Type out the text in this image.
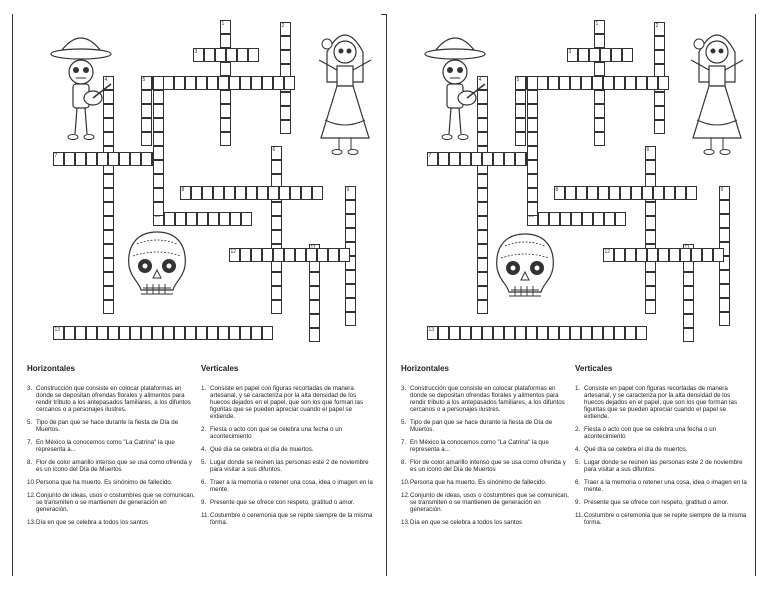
1	2
3
4	5
6
7
8	9
12
13
Horizontales
3. Construcción que consiste en colocar plataformas en donde se depositan ofrendas florales y alimentos para rendir tributo a los antepasados familiares, a los difuntos cercanos o a personajes ilustres.
5. Tipo de pan que se hace durante la fiesta de Día de Muertos.
7. En México la conocemos como "La Catrina" la que representa a...
8. Flor de color amarillo intenso que se usa como ofrenda y es un icono del Día de Muertos
10. Persona que ha muerto. Es sinónimo de fallecido.
12. Conjunto de ideas, usos o costumbres que se comunican, se transmiten o se mantienen de generación en generación.
13. Día en que se celebra a todos los santos
Verticales
1. Consiste en papel con figuras recortadas de manera artesanal, y se caracteriza por la alta densidad de los huecos dejados en el papel, que son los que forman las figuritas que se pueden apreciar cuando el papel se extiende.
2. Fiesta o acto con que se celebra una fecha o un acontecimiento
4. Qué día se celebra el día de muertos.
5. Lugar donde se reúnen las personas este 2 de noviembre para visitar a sus difuntos.
6. Traer a la memoria o retener una cosa, idea o imagen en la mente.
9. Presente que se ofrece con respeto, gratitud o amor.
11. Costumbre o ceremonia que se repite siempre de la misma forma.
1	2
3
4	5
6
7
8	9
12
13
Horizontales
3. Construcción que consiste en colocar plataformas en donde se depositan ofrendas florales y alimentos para rendir tributo a los antepasados familiares, a los difuntos cercanos o a personajes ilustres.
5. Tipo de pan que se hace durante la fiesta de Día de Muertos.
7. En México la conocemos como "La Catrina" la que representa a...
8. Flor de color amarillo intenso que se usa como ofrenda y es un icono del Día de Muertos
10. Persona que ha muerto. Es sinónimo de fallecido.
12. Conjunto de ideas, usos o costumbres que se comunican, se transmiten o se mantienen de generación en generación.
13. Día en que se celebra a todos los santos
Verticales
1. Consiste en papel con figuras recortadas de manera artesanal, y se caracteriza por la alta densidad de los huecos dejados en el papel, que son los que forman las figuritas que se pueden apreciar cuando el papel se extiende.
2. Fiesta o acto con que se celebra una fecha o un acontecimiento
4. Qué día se celebra el día de muertos.
5. Lugar donde se reúnen las personas este 2 de noviembre para visitar a sus difuntos.
6. Traer a la memoria o retener una cosa, idea o imagen en la mente.
9. Presente que se ofrece con respeto, gratitud o amor.
11. Costumbre o ceremonia que se repite siempre de la misma forma.
